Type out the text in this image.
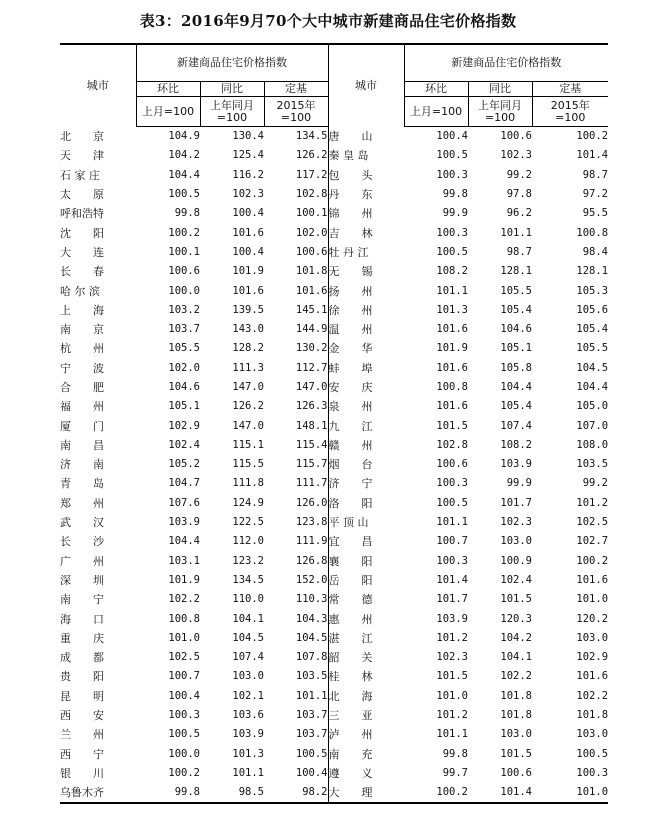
表3：2016年9月70个大中城市新建商品住宅价格指数
城市	新建商品住宅价格指数			城市	新建商品住宅价格指数		
	环比	同比	定基		环比	同比	定基
	上月=100	上年同月=100	2015年=100		上月=100	上年同月=100	2015年=100
北　　京	104.9	130.4	134.5	唐　　山	100.4	100.6	100.2
天　　津	104.2	125.4	126.2	秦 皇 岛	100.5	102.3	101.4
石 家 庄	104.4	116.2	117.2	包　　头	100.3	99.2	98.7
太　　原	100.5	102.3	102.8	丹　　东	99.8	97.8	97.2
呼和浩特	99.8	100.4	100.1	锦　　州	99.9	96.2	95.5
沈　　阳	100.2	101.6	102.0	吉　　林	100.3	101.1	100.8
大　　连	100.1	100.4	100.6	牡 丹 江	100.5	98.7	98.4
长　　春	100.6	101.9	101.8	无　　锡	108.2	128.1	128.1
哈 尔 滨	100.0	101.6	101.6	扬　　州	101.1	105.5	105.3
上　　海	103.2	139.5	145.1	徐　　州	101.3	105.4	105.6
南　　京	103.7	143.0	144.9	温　　州	101.6	104.6	105.4
杭　　州	105.5	128.2	130.2	金　　华	101.9	105.1	105.5
宁　　波	102.0	111.3	112.7	蚌　　埠	101.6	105.8	104.5
合　　肥	104.6	147.0	147.0	安　　庆	100.8	104.4	104.4
福　　州	105.1	126.2	126.3	泉　　州	101.6	105.4	105.0
厦　　门	102.9	147.0	148.1	九　　江	101.5	107.4	107.0
南　　昌	102.4	115.1	115.4	赣　　州	102.8	108.2	108.0
济　　南	105.2	115.5	115.7	烟　　台	100.6	103.9	103.5
青　　岛	104.7	111.8	111.7	济　　宁	100.3	99.9	99.2
郑　　州	107.6	124.9	126.0	洛　　阳	100.5	101.7	101.2
武　　汉	103.9	122.5	123.8	平 顶 山	101.1	102.3	102.5
长　　沙	104.4	112.0	111.9	宜　　昌	100.7	103.0	102.7
广　　州	103.1	123.2	126.8	襄　　阳	100.3	100.9	100.2
深　　圳	101.9	134.5	152.0	岳　　阳	101.4	102.4	101.6
南　　宁	102.2	110.0	110.3	常　　德	101.7	101.5	101.0
海　　口	100.8	104.1	104.3	惠　　州	103.9	120.3	120.2
重　　庆	101.0	104.5	104.5	湛　　江	101.2	104.2	103.0
成　　都	102.5	107.4	107.8	韶　　关	102.3	104.1	102.9
贵　　阳	100.7	103.0	103.5	桂　　林	101.5	102.2	101.6
昆　　明	100.4	102.1	101.1	北　　海	101.0	101.8	102.2
西　　安	100.3	103.6	103.7	三　　亚	101.2	101.8	101.8
兰　　州	100.5	103.9	103.7	泸　　州	101.1	103.0	103.0
西　　宁	100.0	101.3	100.5	南　　充	99.8	101.5	100.5
银　　川	100.2	101.1	100.4	遵　　义	99.7	100.6	100.3
乌鲁木齐	99.8	98.5	98.2	大　　理	100.2	101.4	101.0
